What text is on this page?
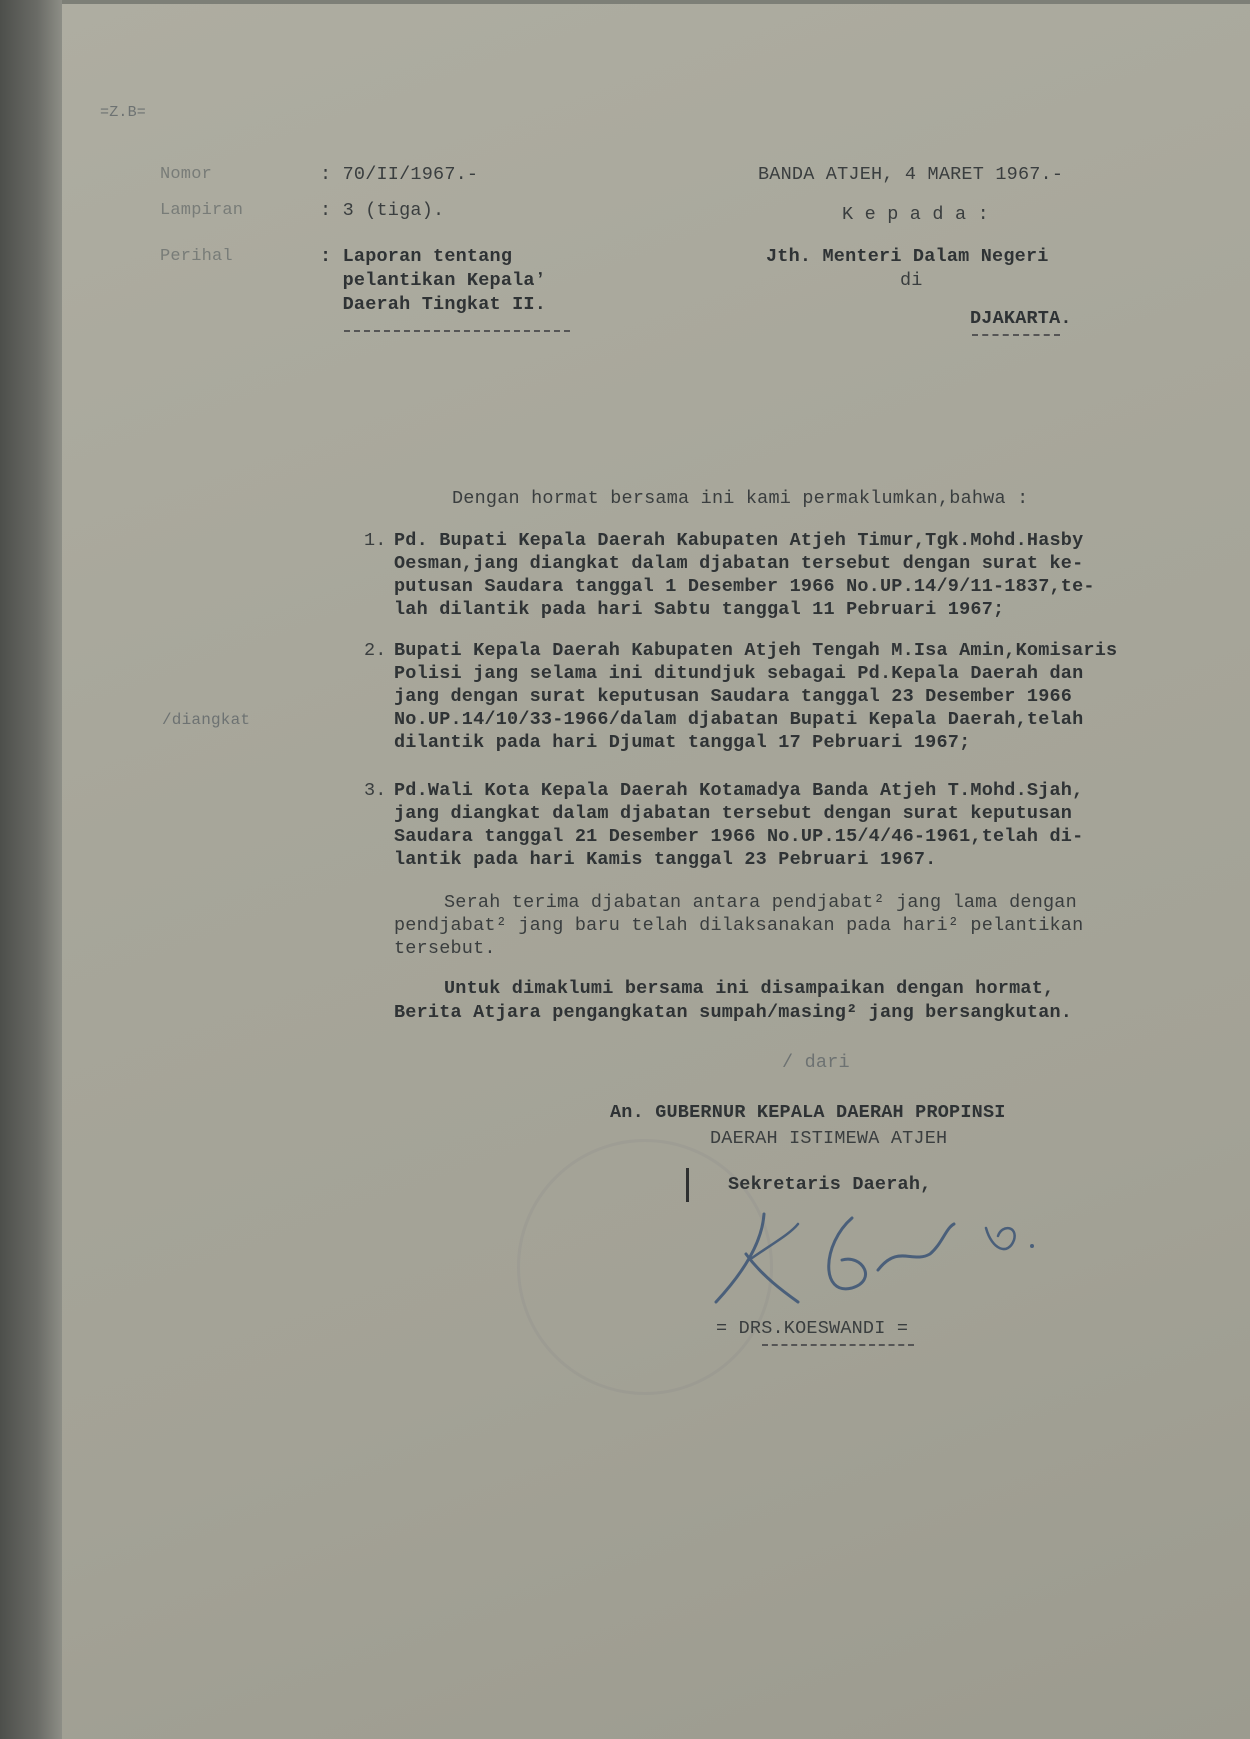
=Z.B=

Nomor	: 70/II/1967.-

Lampiran	: 3 (tiga).

Perihal	: Laporan tentang

pelantikan Kepalaʼ

Daerah Tingkat II.

BANDA ATJEH, 4 MARET 1967.-

K e p a d a :

Jth. Menteri Dalam Negeri

di

DJAKARTA.

/diangkat

Dengan hormat bersama ini kami permaklumkan,bahwa :

1. Pd. Bupati Kepala Daerah Kabupaten Atjeh Timur,Tgk.Mohd.Hasby

Oesman,jang diangkat dalam djabatan tersebut dengan surat ke-

putusan Saudara tanggal 1 Desember 1966 No.UP.14/9/11-1837,te-

lah dilantik pada hari Sabtu tanggal 11 Pebruari 1967;

2. Bupati Kepala Daerah Kabupaten Atjeh Tengah M.Isa Amin,Komisaris

Polisi jang selama ini ditundjuk sebagai Pd.Kepala Daerah dan

jang dengan surat keputusan Saudara tanggal 23 Desember 1966

No.UP.14/10/33-1966/dalam djabatan Bupati Kepala Daerah,telah

dilantik pada hari Djumat tanggal 17 Pebruari 1967;

3. Pd.Wali Kota Kepala Daerah Kotamadya Banda Atjeh T.Mohd.Sjah,

jang diangkat dalam djabatan tersebut dengan surat keputusan

Saudara tanggal 21 Desember 1966 No.UP.15/4/46-1961,telah di-

lantik pada hari Kamis tanggal 23 Pebruari 1967.

Serah terima djabatan antara pendjabat² jang lama dengan

pendjabat² jang baru telah dilaksanakan pada hari² pelantikan

tersebut.

Untuk dimaklumi bersama ini disampaikan dengan hormat,

Berita Atjara pengangkatan sumpah/masing² jang bersangkutan.

/ dari

An. GUBERNUR KEPALA DAERAH PROPINSI

DAERAH ISTIMEWA ATJEH

Sekretaris Daerah,

= DRS.KOESWANDI =
